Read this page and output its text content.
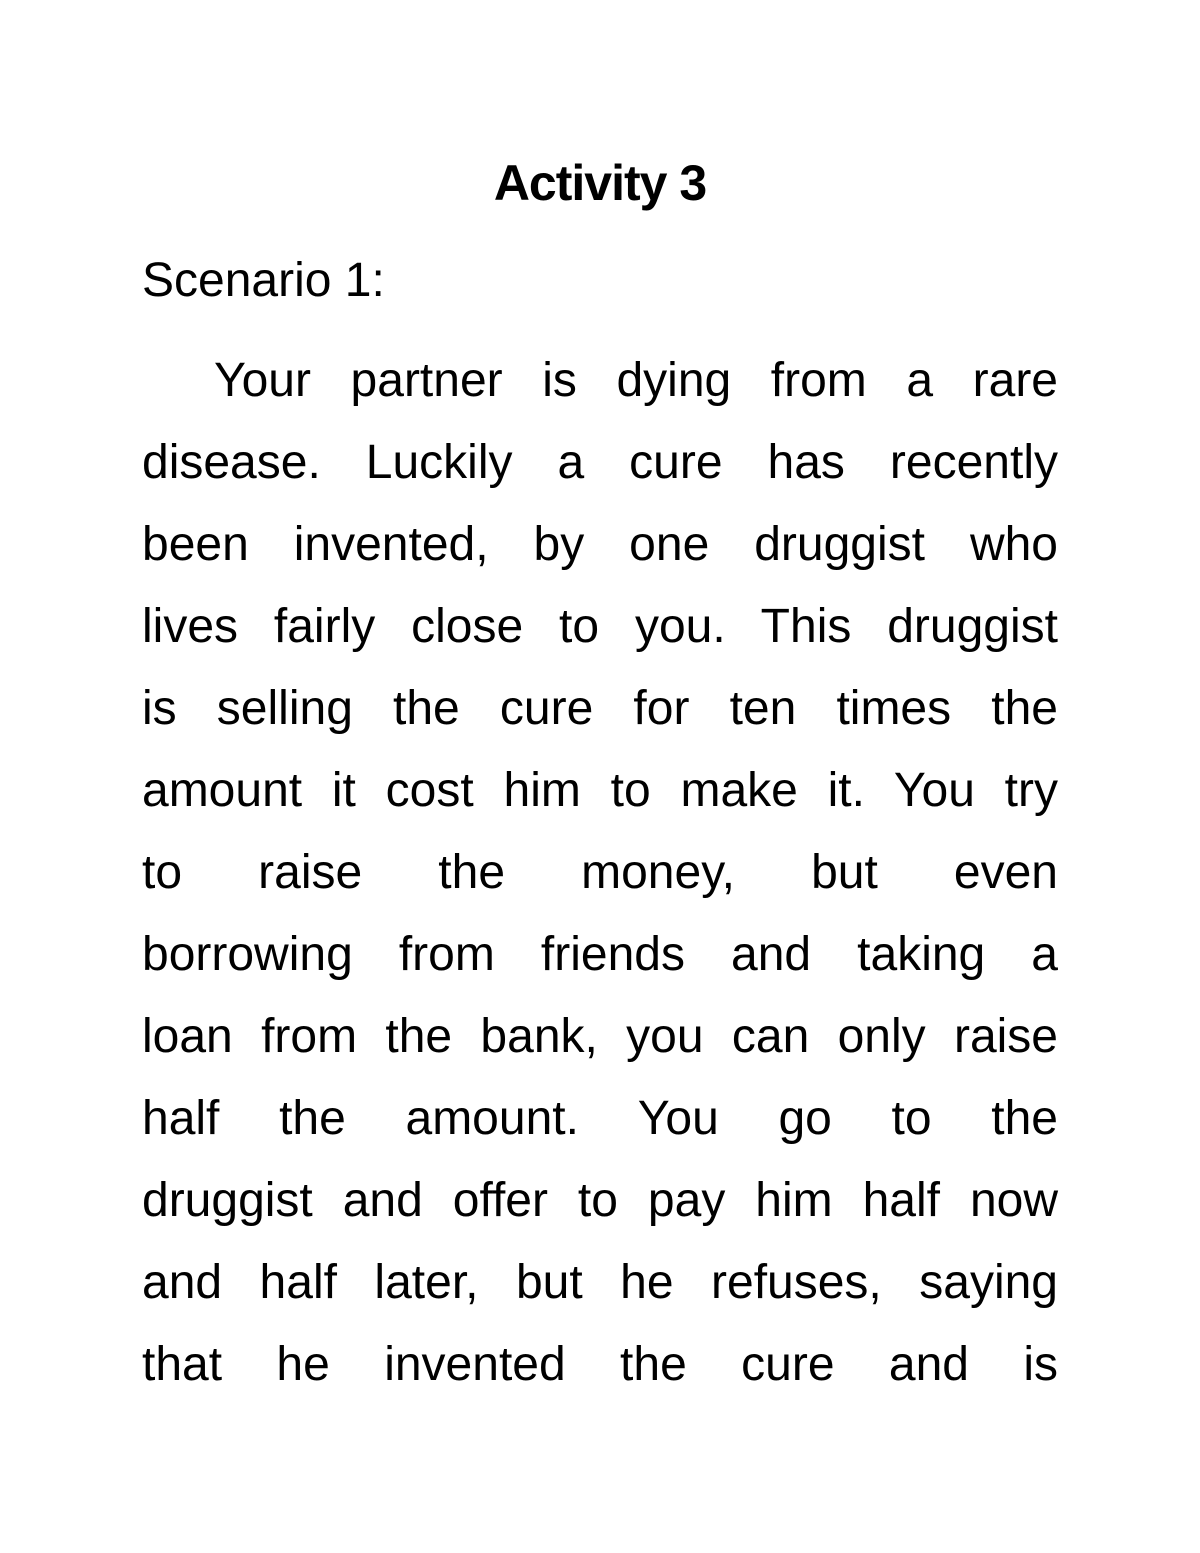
Activity 3
Scenario 1:
Your partner is dying from a rare
disease. Luckily a cure has recently
been invented, by one druggist who
lives fairly close to you. This druggist
is selling the cure for ten times the
amount it cost him to make it. You try
to raise the money, but even
borrowing from friends and taking a
loan from the bank, you can only raise
half the amount. You go to the
druggist and offer to pay him half now
and half later, but he refuses, saying
that he invented the cure and is
